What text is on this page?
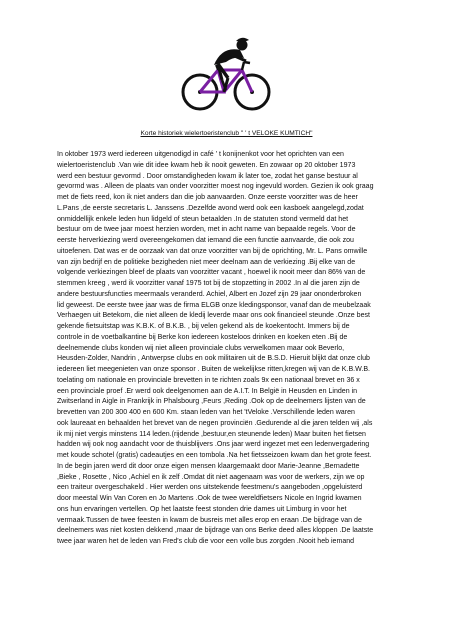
Korte historiek wielertoeristenclub " ' t VELOKE KUMTICH"
In oktober 1973 werd iedereen uitgenodigd in café ' t konijnenkot voor het oprichten van een
wielertoeristenclub .Van wie dit idee kwam heb ik nooit geweten. En zowaar op 20 oktober 1973
werd een bestuur gevormd . Door omstandigheden kwam ik later toe, zodat het ganse bestuur al
gevormd was . Alleen de plaats van onder voorzitter moest nog ingevuld worden. Gezien ik ook graag
met de fiets reed, kon ik niet anders dan die job aanvaarden. Onze eerste voorzitter was de heer
L.Pans ,de eerste secretaris L. Janssens .Dezelfde avond werd ook een kasboek aangelegd,zodat
onmiddellijk enkele leden hun lidgeld of steun betaalden .In de statuten stond vermeld dat het
bestuur om de twee jaar moest herzien worden, met in acht name van bepaalde regels. Voor de
eerste herverkiezing werd overeengekomen dat iemand die een functie aanvaarde, die ook zou
uitoefenen. Dat was er de oorzaak van dat onze voorzitter van bij de oprichting, Mr. L. Pans omwille
van zijn bedrijf en de politieke bezigheden niet meer deelnam aan de verkiezing .Bij elke van de
volgende verkiezingen bleef de plaats van voorzitter vacant , hoewel ik nooit meer dan 86% van de
stemmen kreeg , werd ik voorzitter vanaf 1975 tot bij de stopzetting in 2002 .In al die jaren zijn de
andere bestuursfuncties meermaals veranderd. Achiel, Albert en Jozef zijn 29 jaar ononderbroken
lid geweest. De eerste twee jaar was de firma ELGB onze kledingsponsor, vanaf dan de meubelzaak
Verhaegen uit Betekom, die niet alleen de kledij leverde maar ons ook financieel steunde .Onze best
gekende fietsuitstap was K.B.K. of B.K.B. , bij velen gekend als de koekentocht. Immers bij de
controle in de voetbalkantine bij Berke kon iedereen kosteloos drinken en koeken eten .Bij de
deelnemende clubs konden wij niet alleen provinciale clubs verwelkomen maar ook Beverlo,
Heusden-Zolder, Nandrin , Antwerpse clubs en ook militairen uit de B.S.D. Hieruit blijkt dat onze club
iedereen liet meegenieten van onze sponsor . Buiten de wekelijkse ritten,kregen wij van de K.B.W.B.
toelating om nationale en provinciale brevetten in te richten zoals 9x een nationaal brevet en 36 x
een provinciale proef .Er werd ook deelgenomen aan de A.I.T. In België in Heusden en Linden in
Zwitserland in Aigle in Frankrijk in Phalsbourg ,Feurs ,Reding .Ook op de deelnemers lijsten van de
brevetten van 200 300 400 en 600 Km. staan leden van het 'tVeloke .Verschillende leden waren
ook laureaat en behaalden het brevet van de negen provinciën .Gedurende al die jaren telden wij ,als
ik mij niet vergis minstens 114 leden.(rijdende ,bestuur,en steunende leden) Maar buiten het fietsen
hadden wij ook nog aandacht voor de thuisblijvers .Ons jaar werd ingezet met een ledenvergadering
met koude schotel (gratis) cadeautjes en een tombola .Na het fietsseizoen kwam dan het grote feest.
In de begin jaren werd dit door onze eigen mensen klaargemaakt door Marie-Jeanne ,Bernadette
,Bieke , Rosette , Nico ,Achiel en ik zelf .Omdat dit niet aagenaam was voor de werkers, zijn we op
een traiteur overgeschakeld . Hier werden ons uitstekende feestmenu's aangeboden ,opgeluisterd
door meestal Win Van Coren en Jo Martens .Ook de twee wereldfietsers Nicole en Ingrid kwamen
ons hun ervaringen vertellen. Op het laatste feest stonden drie dames uit Limburg in voor het
vermaak.Tussen de twee feesten in kwam de busreis met alles erop en eraan .De bijdrage van de
deelnemers was niet kosten dekkend ,maar de bijdrage van ons Berke deed alles kloppen .De laatste
twee jaar waren het de leden van Fred's club die voor een volle bus zorgden .Nooit heb iemand
